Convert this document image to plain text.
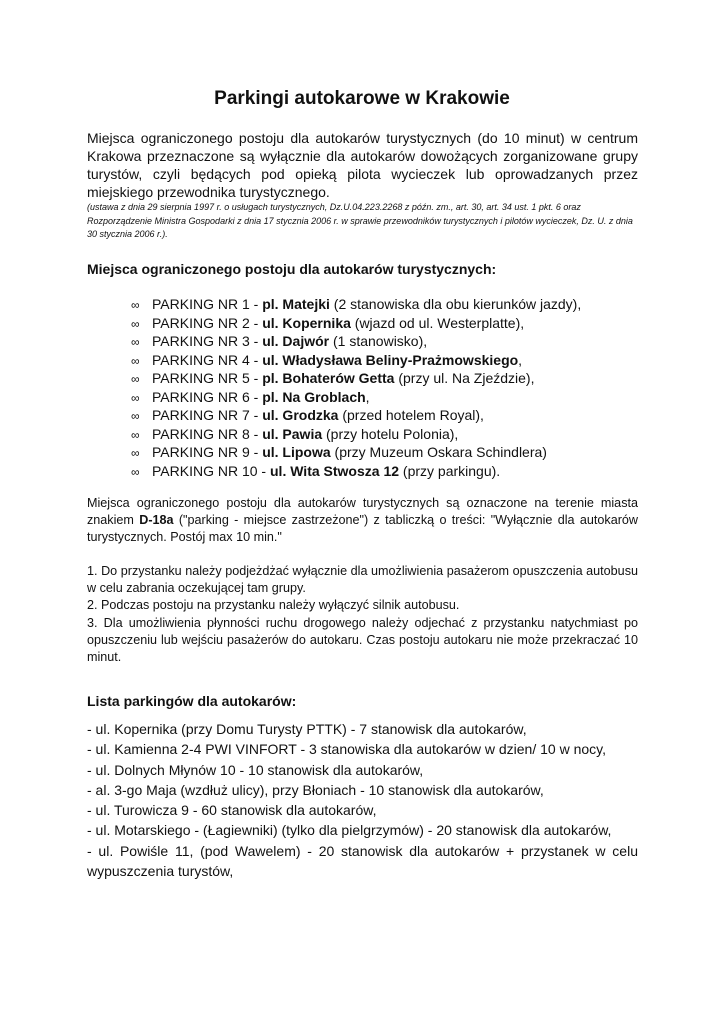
Parkingi autokarowe w Krakowie

Miejsca ograniczonego postoju dla autokarów turystycznych (do 10 minut) w centrum Krakowa przeznaczone są wyłącznie dla autokarów dowożących zorganizowane grupy turystów, czyli będących pod opieką pilota wycieczek lub oprowadzanych przez miejskiego przewodnika turystycznego.

(ustawa z dnia 29 sierpnia 1997 r. o usługach turystycznych, Dz.U.04.223.2268 z późn. zm., art. 30, art. 34 ust. 1 pkt. 6 oraz Rozporządzenie Ministra Gospodarki z dnia 17 stycznia 2006 r. w sprawie przewodników turystycznych i pilotów wycieczek, Dz. U. z dnia 30 stycznia 2006 r.).

Miejsca ograniczonego postoju dla autokarów turystycznych:

∞ PARKING NR 1 - pl. Matejki (2 stanowiska dla obu kierunków jazdy),
∞ PARKING NR 2 - ul. Kopernika (wjazd od ul. Westerplatte),
∞ PARKING NR 3 - ul. Dajwór (1 stanowisko),
∞ PARKING NR 4 - ul. Władysława Beliny-Prażmowskiego,
∞ PARKING NR 5 - pl. Bohaterów Getta (przy ul. Na Zjeździe),
∞ PARKING NR 6 - pl. Na Groblach,
∞ PARKING NR 7 - ul. Grodzka (przed hotelem Royal),
∞ PARKING NR 8 - ul. Pawia (przy hotelu Polonia),
∞ PARKING NR 9 - ul. Lipowa (przy Muzeum Oskara Schindlera)
∞ PARKING NR 10 - ul. Wita Stwosza 12 (przy parkingu).

Miejsca ograniczonego postoju dla autokarów turystycznych są oznaczone na terenie miasta znakiem D-18a ("parking - miejsce zastrzeżone") z tabliczką o treści: "Wyłącznie dla autokarów turystycznych. Postój max 10 min."

1. Do przystanku należy podjeżdżać wyłącznie dla umożliwienia pasażerom opuszczenia autobusu w celu zabrania oczekującej tam grupy.

2. Podczas postoju na przystanku należy wyłączyć silnik autobusu.

3. Dla umożliwienia płynności ruchu drogowego należy odjechać z przystanku natychmiast po opuszczeniu lub wejściu pasażerów do autokaru. Czas postoju autokaru nie może przekraczać 10 minut.

Lista parkingów dla autokarów:

- ul. Kopernika (przy Domu Turysty PTTK) - 7 stanowisk dla autokarów,

- ul. Kamienna 2-4 PWI VINFORT - 3 stanowiska dla autokarów w dzien/ 10 w nocy,

- ul. Dolnych Młynów 10 - 10 stanowisk dla autokarów,

- al. 3-go Maja (wzdłuż ulicy), przy Błoniach - 10 stanowisk dla autokarów,

- ul. Turowicza 9 - 60 stanowisk dla autokarów,

- ul. Motarskiego - (Łagiewniki) (tylko dla pielgrzymów) - 20 stanowisk dla autokarów,

- ul. Powiśle 11, (pod Wawelem) - 20 stanowisk dla autokarów + przystanek w celu wypuszczenia turystów,
